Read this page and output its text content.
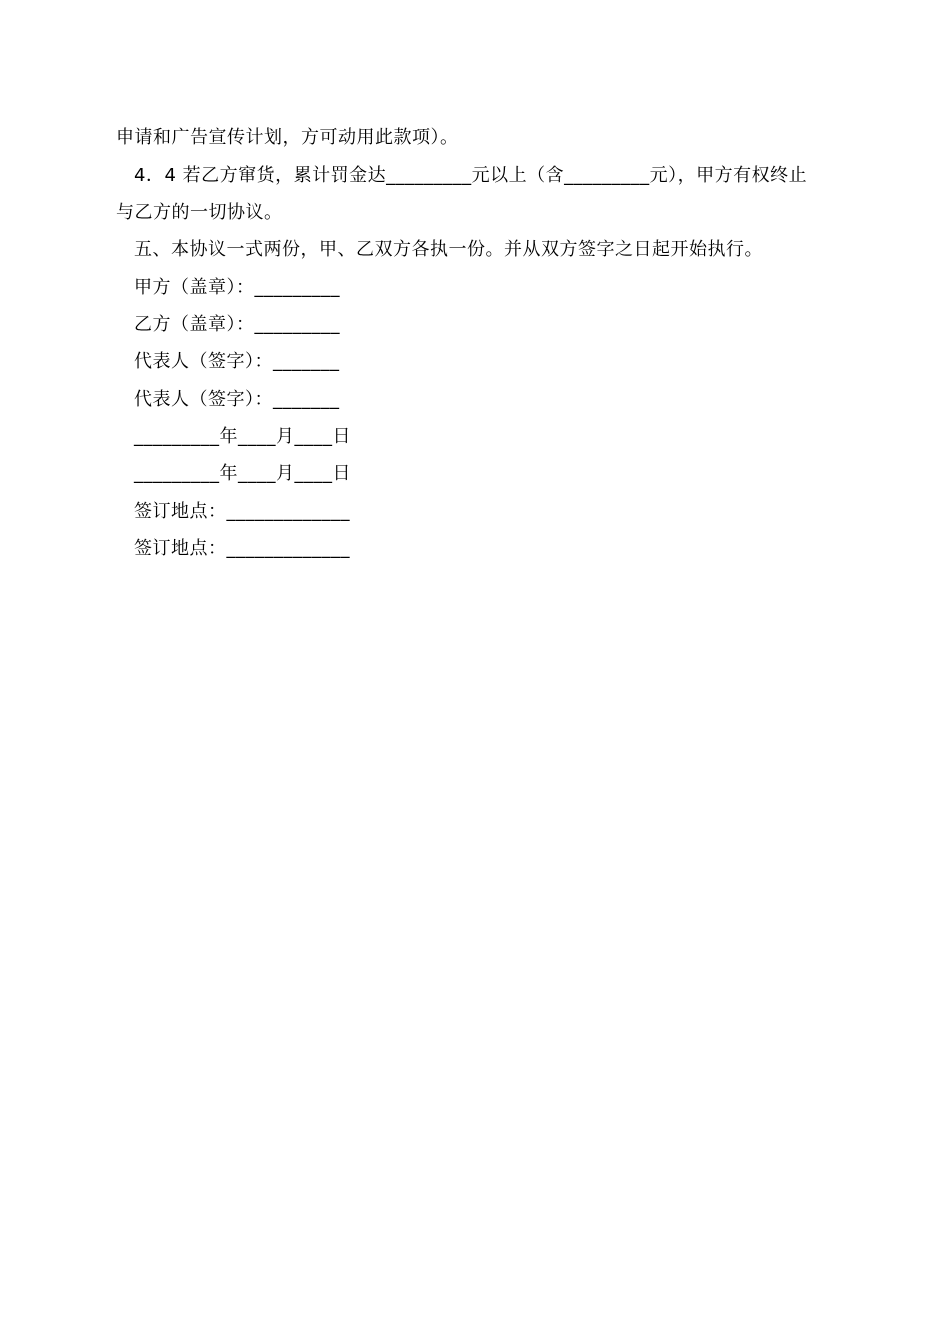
申请和广告宣传计划，方可动用此款项）。
4．4 若乙方窜货，累计罚金达_________元以上（含_________元），甲方有权终止
与乙方的一切协议。
五、本协议一式两份，甲、乙双方各执一份。并从双方签字之日起开始执行。
甲方（盖章）：_________
乙方（盖章）：_________
代表人（签字）：_______
代表人（签字）：_______
_________年____月____日
_________年____月____日
签订地点：_____________
签订地点：_____________
